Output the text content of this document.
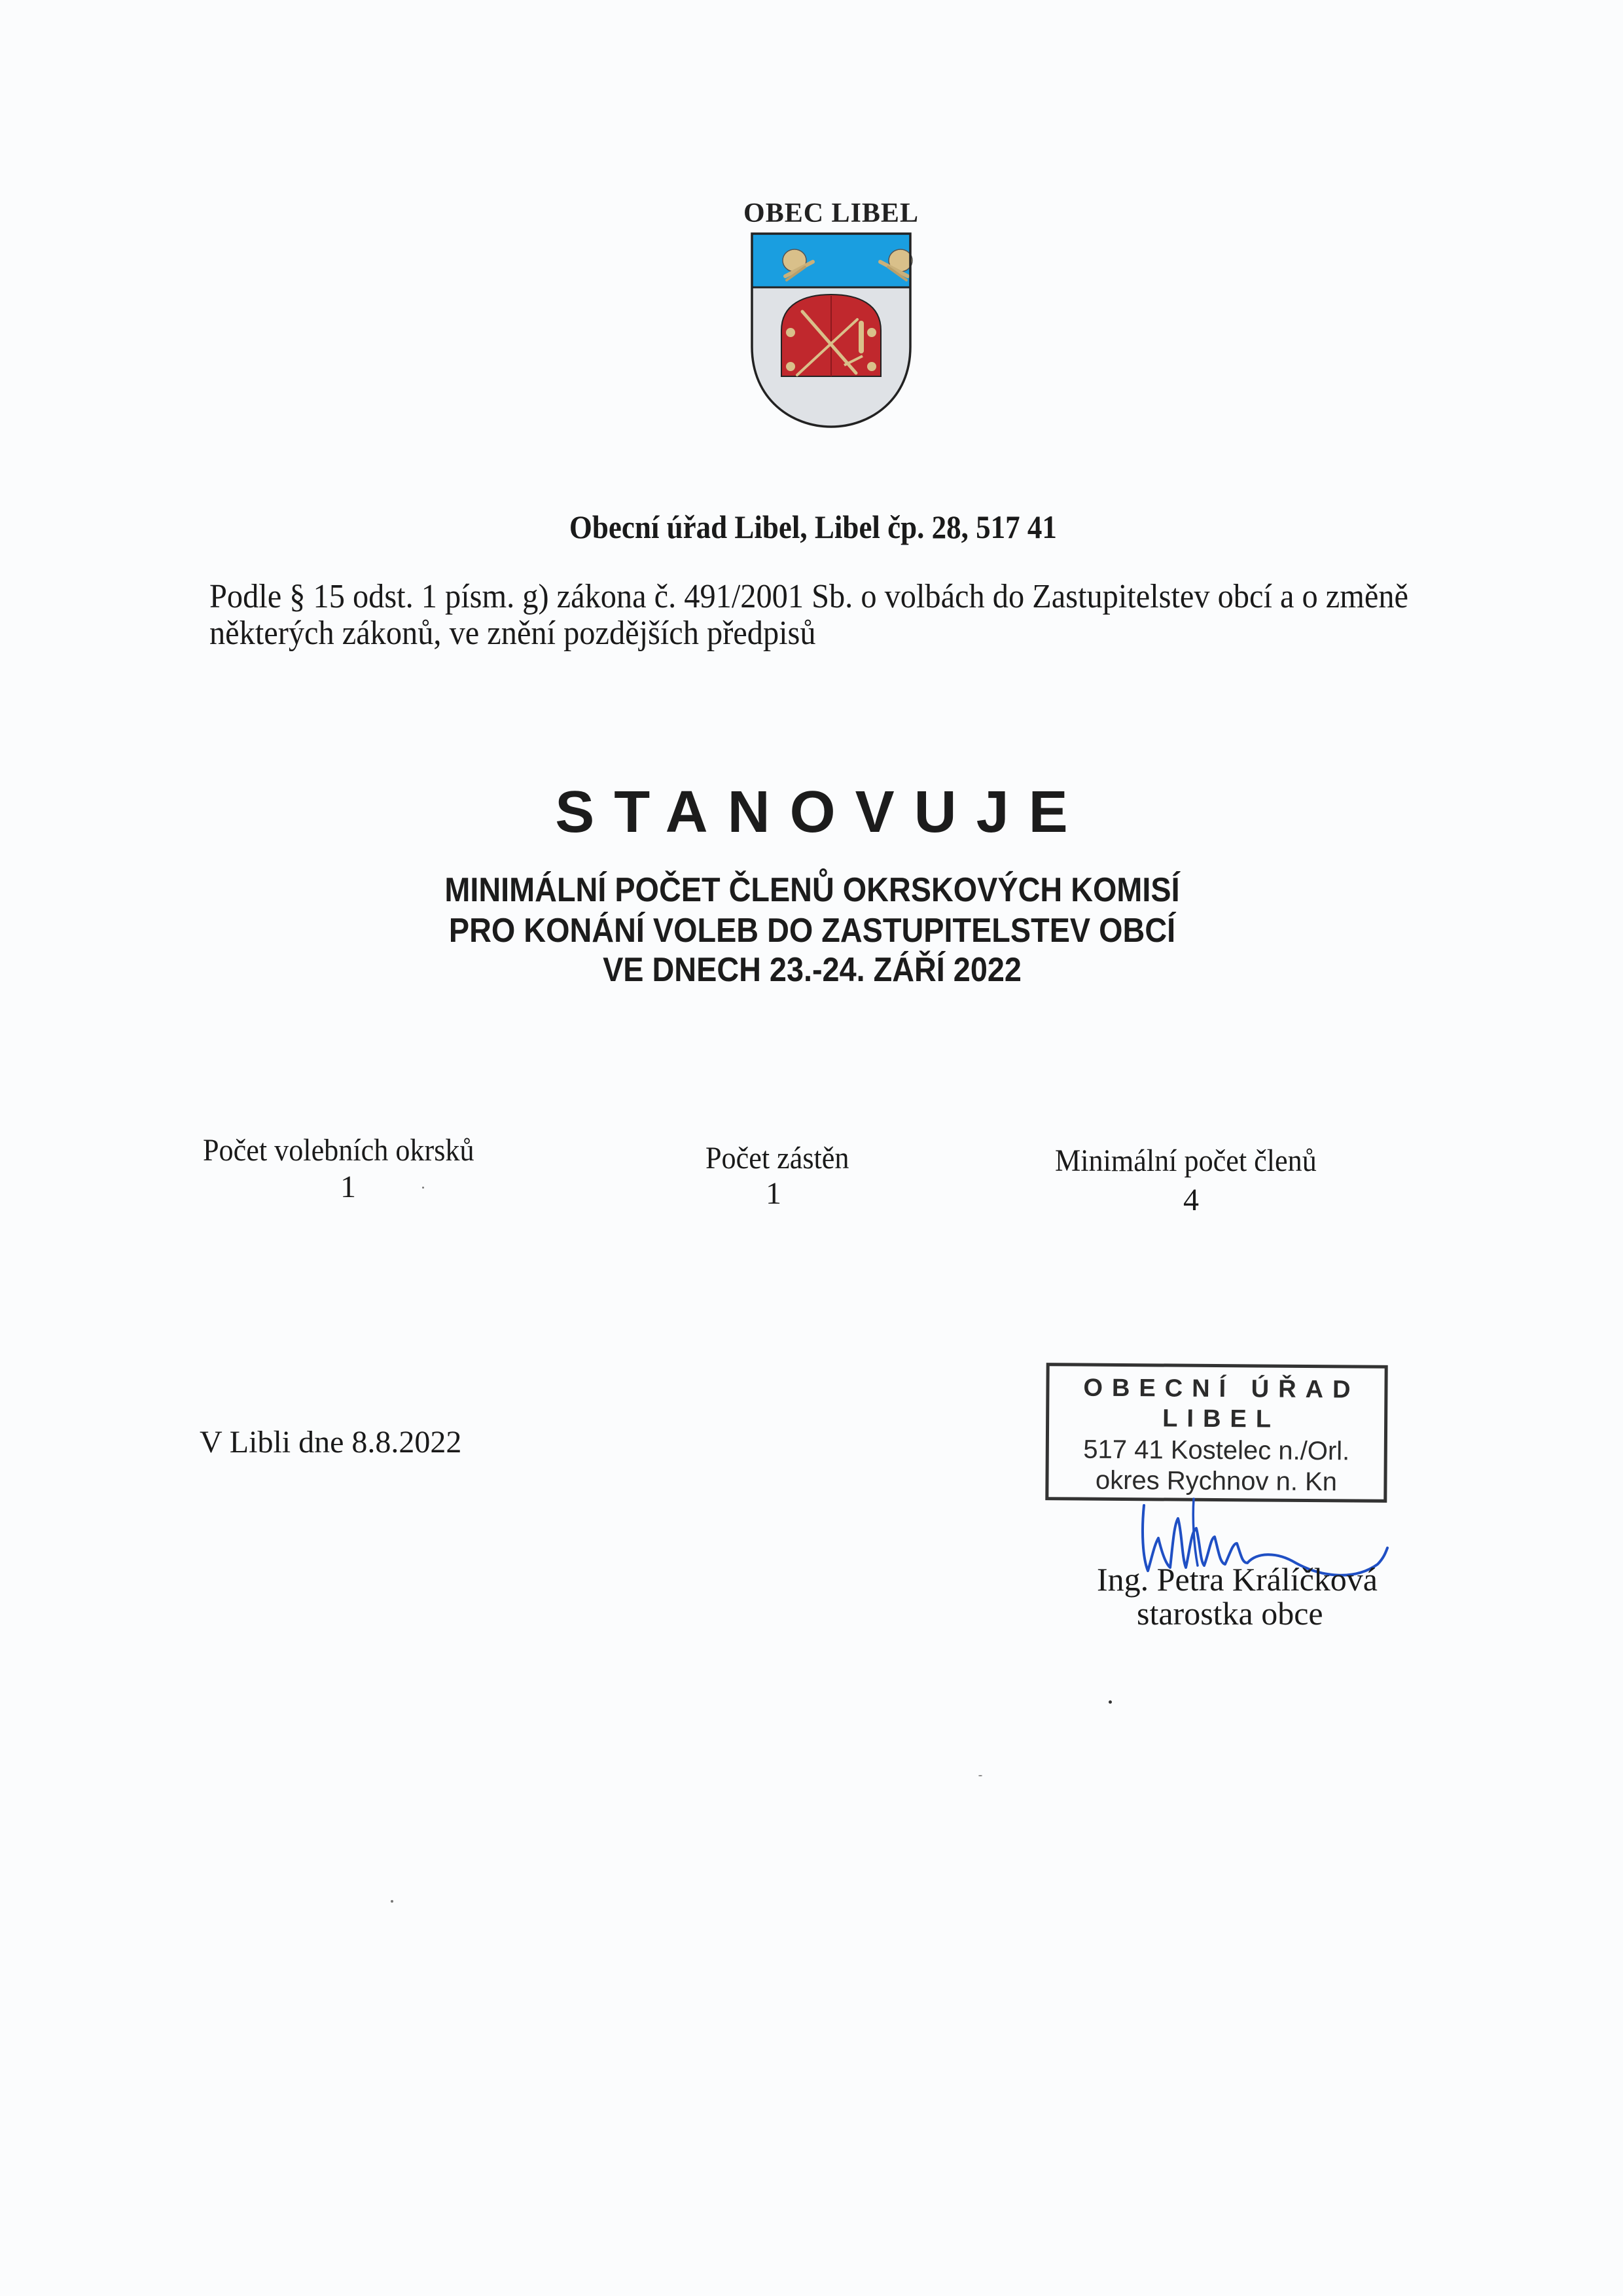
OBEC LIBEL
Obecní úřad Libel, Libel čp. 28, 517 41
Podle § 15 odst. 1 písm. g) zákona č. 491/2001 Sb. o volbách do Zastupitelstev obcí a o změně
některých zákonů, ve znění pozdějších předpisů
STANOVUJE
MINIMÁLNÍ POČET ČLENŮ OKRSKOVÝCH KOMISÍ
PRO KONÁNÍ VOLEB DO ZASTUPITELSTEV OBCÍ
VE DNECH 23.-24. ZÁŘÍ 2022
Počet volebních okrsků
1
Počet zástěn
1
Minimální počet členů
4
V Libli dne 8.8.2022
OBECNÍ ÚŘAD
LIBEL
517 41 Kostelec n./Orl.
okres Rychnov n. Kn
Ing. Petra Králíčková
starostka obce
